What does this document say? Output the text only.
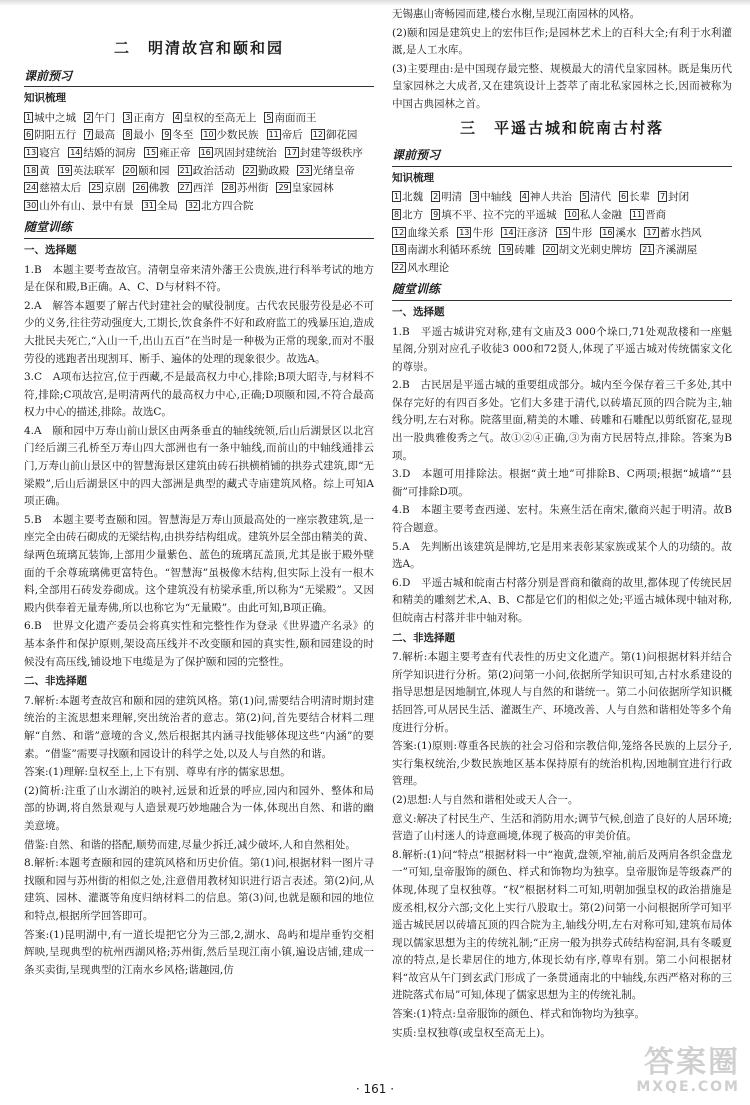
二　明清故宫和颐和园
课前预习
知识梳理
1 城中之城 2 午门 3 正南方 4 皇权的至高无上 5 南面而王
6 阴阳五行 7 最高 8 最小 9 冬至 10 少数民族 11 帝后 12 御花园
13 寝宫 14 结婚的洞房 15 雍正帝 16 巩固封建统治 17 封建等级秩序
18 黄 19 英法联军 20 颐和园 21 政治活动 22 勤政殿 23 光绪皇帝
24 慈禧太后 25 京剧 26 佛教 27 西洋 28 苏州街 29 皇家园林
30 山外有山、景中有景 31 全局 32 北方四合院
随堂训练
一、选择题
1.B　本题主要考查故宫。清朝皇帝来清外藩王公贵族,进行科举考试的地方是在保和殿,B正确。A、C、D与材料不符。
2.A　解答本题要了解古代封建社会的赋役制度。古代农民服劳役是必不可少的义务,往往劳动强度大,工期长,饮食条件不好和政府监工的残暴压迫,造成大批民夫死亡,“入山一千,出山五百”在当时是一种极为正常的现象,而对不服劳役的逃跑者出现割耳、断手、遍体的处理的现象很少。故选A。
3.C　A项布达拉宫,位于西藏,不是最高权力中心,排除;B项大昭寺,与材料不符,排除;C项故宫,是明清两代的最高权力中心,正确;D项颐和园,不符合最高权力中心的描述,排除。故选C。
4.A　颐和园中万寿山前山景区由两条垂直的轴线统领,后山后湖景区以北宫门经后湖三孔桥至万寿山四大部洲也有一条中轴线,而前山的中轴线通排云门,万寿山前山景区中的智慧海景区建筑由砖石拱横梢铺的拱券式建筑,即“无梁殿”,后山后湖景区中的四大部洲是典型的藏式寺庙建筑风格。综上可知A项正确。
5.B　本题主要考查颐和园。智慧海是万寿山顶最高处的一座宗教建筑,是一座完全由砖石砌成的无梁结构,由拱券结构组成。建筑外层全部由精美的黄、绿两色琉璃瓦装饰,上部用少量紫色、蓝色的琉璃瓦盖顶,尤其是嵌于殿外壁面的千余尊琉璃佛更富特色。“智慧海”虽极像木结构,但实际上没有一根木料,全部用石砖发券砌成。这个建筑没有枋梁承重,所以称为“无梁殿”。又因殿内供奉着无量寿佛,所以也称它为“无量殿”。由此可知,B项正确。
6.B　世界文化遗产委员会将真实性和完整性作为登录《世界遗产名录》的基本条件和保护原则,架设高压线并不改变颐和园的真实性,颐和园建设的时候没有高压线,铺设地下电缆是为了保护颐和园的完整性。
二、非选择题
7.解析:本题考查故宫和颐和园的建筑风格。第(1)问,需要结合明清时期封建统治的主流思想来理解,突出统治者的意志。第(2)问,首先要结合材料二理解“自然、和谐”意境的含义,然后根据其内涵寻找能够体现这些“内涵”的要素。“借鉴”需要寻找颐和园设计的科学之处,以及人与自然的和谐。
答案:(1)理解:皇权至上,上下有别、尊卑有序的儒家思想。
(2)简析:注重了山水湖泊的映衬,远景和近景的呼应,园内和园外、整体和局部的协调,将自然景观与人造景观巧妙地融合为一体,体现出自然、和谐的幽美意境。
借鉴:自然、和谐的搭配,顺势而建,尽量少拆迁,减少破坏,人和自然相处。
8.解析:本题考查颐和园的建筑风格和历史价值。第(1)问,根据材料一图片寻找颐和园与苏州街的相似之处,注意借用教材知识进行语言表述。第(2)问,从建筑、园林、灌溉等角度归纳材料二的信息。第(3)问,也就是颐和园的地位和特点,根据所学回答即可。
答案:(1)昆明湖中,有一道长堤把它分为三部,2,湖水、岛屿和堤岸垂钓交相辉映,呈现典型的杭州西湖风格;苏州街,然后呈现江南小镇,遍设店铺,建成一条买卖街,呈现典型的江南水乡风格;谐趣园,仿
无锡惠山寄畅园而建,楼台水榭,呈现江南园林的风格。
(2)颐和园是建筑史上的宏伟巨作;是园林艺术上的百科大全;有利于水利灌溉,是人工水库。
(3)主要理由:是中国现存最完整、规模最大的清代皇家园林。既是集历代皇家园林之大成者,又在建筑设计上荟萃了南北私家园林之长,因而被称为中国古典园林之首。
三　平遥古城和皖南古村落
课前预习
知识梳理
1 北魏 2 明清 3 中轴线 4 神人共治 5 清代 6 长辈 7 封闭
8 北方 9 填不平、拉不完的平遥城 10 私人金融 11 晋商
12 血缘关系 13 牛形 14 汪彦济 15 牛形 16 溪水 17 蓄水挡风
18 南湖水利循环系统 19 砖雕 20 胡文光刺史牌坊 21 齐溪湖屋
22 风水理论
随堂训练
一、选择题
1.B　平遥古城讲究对称,建有文庙及3 000个垛口,71处观敌楼和一座魁星阁,分别对应孔子收徒3 000和72贤人,体现了平遥古城对传统儒家文化的尊崇。
2.B　古民居是平遥古城的重要组成部分。城内至今保存着三千多处,其中保存完好的有四百多处。它们大多建于清代,以砖墙瓦顶的四合院为主,轴线分明,左右对称。院落里面,精美的木雕、砖雕和石雕配以剪纸窗花,显现出一股典雅俊秀之气。故①②④正确,③为南方民居特点,排除。答案为B项。
3.D　本题可用排除法。根据“黄土地”可排除B、C两项;根据“城墙”“县衙”可排除D项。
4.B　本题主要考查西递、宏村。朱熹生活在南宋,徽商兴起于明清。故B符合题意。
5.A　先判断出该建筑是牌坊,它是用来表彰某家族或某个人的功绩的。故选A。
6.D　平遥古城和皖南古村落分别是晋商和徽商的故里,都体现了传统民居和精美的雕刻艺术,A、B、C都是它们的相似之处;平遥古城体现中轴对称,但皖南古村落并非中轴对称。
二、非选择题
7.解析:本题主要考查有代表性的历史文化遗产。第(1)问根据材料并结合所学知识进行分析。第(2)问第一小问,依据所学知识可知,古村水系建设的指导思想是因地制宜,体现人与自然的和谐统一。第二小问依据所学知识概括回答,可从居民生活、灌溉生产、环境改善、人与自然和谐相处等多个角度进行分析。
答案:(1)原则:尊重各民族的社会习俗和宗教信仰,笼络各民族的上层分子,实行集权统治,少数民族地区基本保持原有的统治机构,因地制宜进行行政管理。
(2)思想:人与自然和谐相处或天人合一。
意义:解决了村民生产、生活和消防用水;调节气候,创造了良好的人居环境;营造了山村迷人的诗意画境,体现了极高的审美价值。
8.解析:(1)问“特点”根据材料一中“袍黄,盘领,窄袖,前后及两肩各织金盘龙一”可知,皇帝服饰的颜色、样式和饰物均为独享。皇帝服饰是等级森严的体现,体现了皇权独尊。“权”根据材料二可知,明朝加强皇权的政治措施是废丞相,权分六部;文化上实行八股取士。第(2)问第一小问根据所学可知平遥古城民居以砖墙瓦顶的四合院为主,轴线分明,左右对称可知,建筑布局体现以儒家思想为主的传统礼制;“正房一般为拱券式砖结构窑洞,具有冬暖夏凉的特点,是长辈居住的地方,体现长幼有序,尊卑有别。第二小问根据材料“故宫从午门到玄武门形成了一条贯通南北的中轴线,东西严格对称的三进院落式布局”可知,体现了儒家思想为主的传统礼制。
答案:(1)特点:皇帝服饰的颜色、样式和饰物均为独享。
实质:皇权独尊(或皇权至高无上)。
· 161 ·
答案圈
MXQE.COM
